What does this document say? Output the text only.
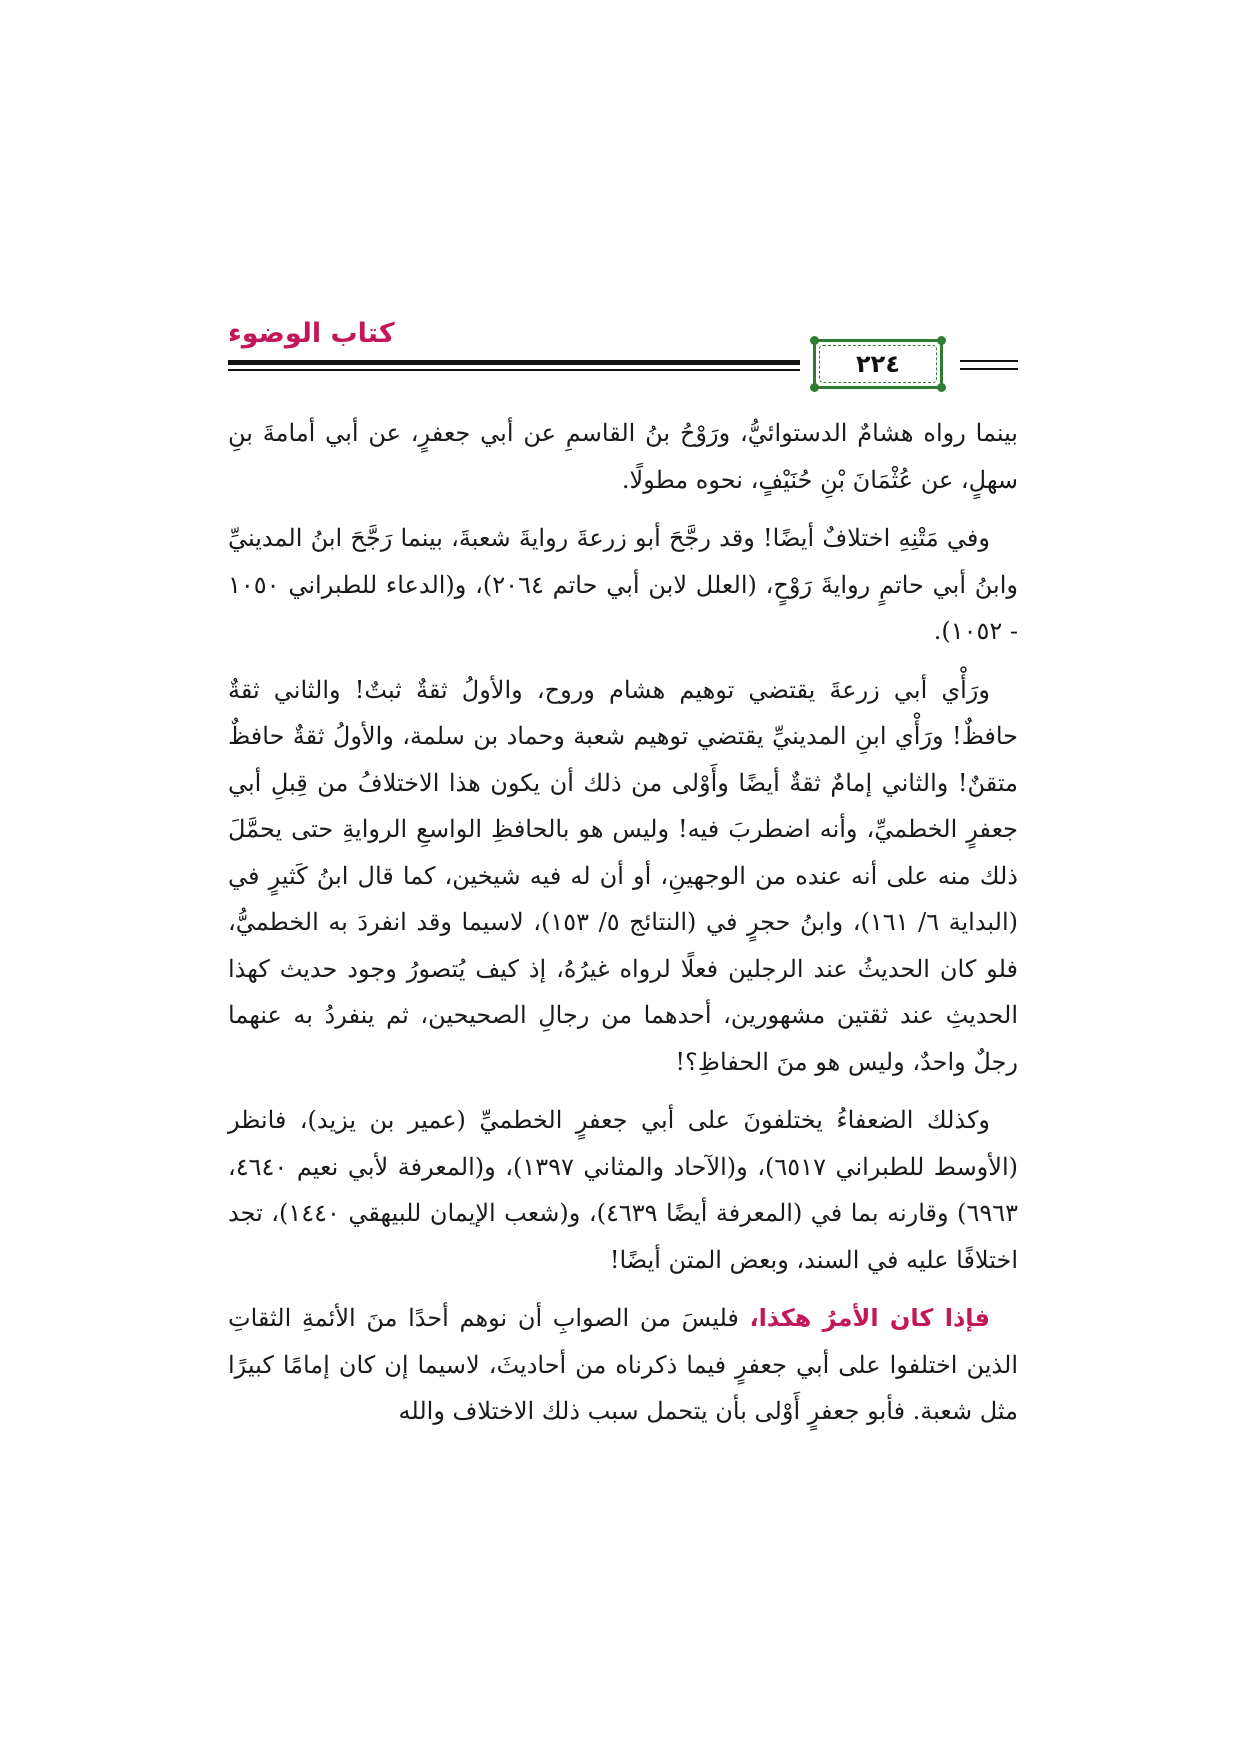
كتاب الوضوء
٢٢٤

بينما رواه هشامٌ الدستوائيُّ، ورَوْحُ بنُ القاسمِ عن أبي جعفرٍ، عن أبي أمامةَ بنِ سهلٍ، عن عُثْمَانَ بْنِ حُنَيْفٍ، نحوه مطولًا.

وفي مَتْنِهِ اختلافٌ أيضًا! وقد رجَّحَ أبو زرعةَ روايةَ شعبةَ، بينما رَجَّحَ ابنُ المدينيِّ وابنُ أبي حاتمٍ روايةَ رَوْحٍ، (العلل لابن أبي حاتم ٢٠٦٤)، و(الدعاء للطبراني ١٠٥٠ - ١٠٥٢).

ورَأْي أبي زرعةَ يقتضي توهيم هشام وروح، والأولُ ثقةٌ ثبتٌ! والثاني ثقةٌ حافظٌ! ورَأْي ابنِ المدينيِّ يقتضي توهيم شعبة وحماد بن سلمة، والأولُ ثقةٌ حافظٌ متقنٌ! والثاني إمامٌ ثقةٌ أيضًا وأَوْلى من ذلك أن يكون هذا الاختلافُ من قِبلِ أبي جعفرٍ الخطميِّ، وأنه اضطربَ فيه! وليس هو بالحافظِ الواسعِ الروايةِ حتى يحمَّلَ ذلك منه على أنه عنده من الوجهينِ، أو أن له فيه شيخين، كما قال ابنُ كَثيرٍ في (البداية ٦/ ١٦١)، وابنُ حجرٍ في (النتائج ٥/ ١٥٣)، لاسيما وقد انفردَ به الخطميُّ، فلو كان الحديثُ عند الرجلين فعلًا لرواه غيرُهُ، إذ كيف يُتصورُ وجود حديث كهذا الحديثِ عند ثقتين مشهورين، أحدهما من رجالِ الصحيحين، ثم ينفردُ به عنهما رجلٌ واحدٌ، وليس هو منَ الحفاظِ؟!

وكذلك الضعفاءُ يختلفونَ على أبي جعفرٍ الخطميِّ (عمير بن يزيد)، فانظر (الأوسط للطبراني ٦٥١٧)، و(الآحاد والمثاني ١٣٩٧)، و(المعرفة لأبي نعيم ٤٦٤٠، ٦٩٦٣) وقارنه بما في (المعرفة أيضًا ٤٦٣٩)، و(شعب الإيمان للبيهقي ١٤٤٠)، تجد اختلافًا عليه في السند، وبعض المتن أيضًا!

فإذا كان الأمرُ هكذا، فليسَ من الصوابِ أن نوهم أحدًا منَ الأئمةِ الثقاتِ الذين اختلفوا على أبي جعفرٍ فيما ذكرناه من أحاديثَ، لاسيما إن كان إمامًا كبيرًا مثل شعبة. فأبو جعفرٍ أَوْلى بأن يتحمل سبب ذلك الاختلاف والله
